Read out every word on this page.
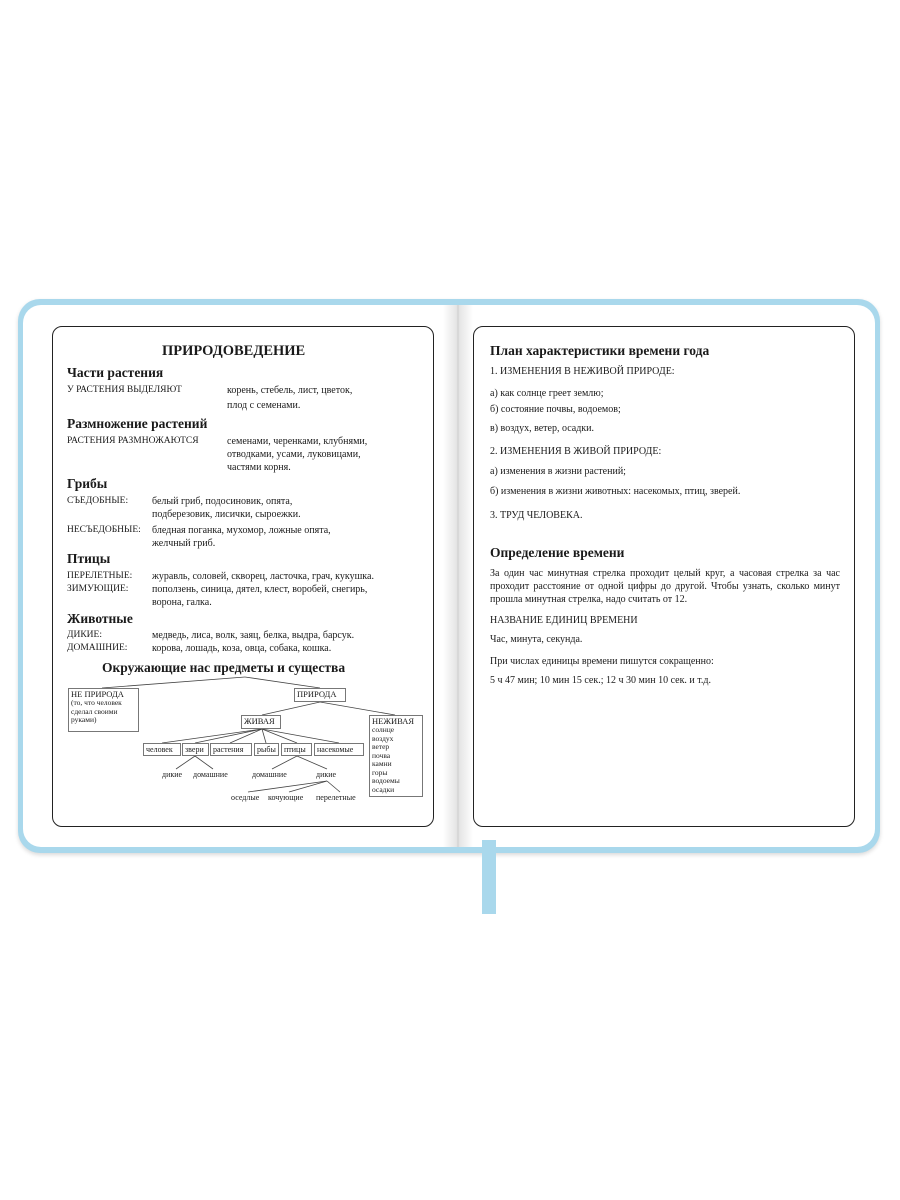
ПРИРОДОВЕДЕНИЕ
Части растения
У РАСТЕНИЯ ВЫДЕЛЯЮТ	корень, стебель, лист, цветок,
плод с семенами.
Размножение растений
РАСТЕНИЯ РАЗМНОЖАЮТСЯ	семенами, черенками, клубнями,
отводками, усами, луковицами,
частями корня.
Грибы
СЪЕДОБНЫЕ: белый гриб, подосиновик, опята,
подберезовик, лисички, сыроежки.
НЕСЪЕДОБНЫЕ: бледная поганка, мухомор, ложные опята,
желчный гриб.
Птицы
ПЕРЕЛЕТНЫЕ: журавль, соловей, скворец, ласточка, грач, кукушка.
ЗИМУЮЩИЕ: поползень, синица, дятел, клест, воробей, снегирь,
ворона, галка.
Животные
ДИКИЕ:	медведь, лиса, волк, заяц, белка, выдра, барсук.
ДОМАШНИЕ: корова, лошадь, коза, овца, собака, кошка.
Окружающие нас предметы и существа
НЕ ПРИРОДА
(то, что человек
сделал своими
руками)
ПРИРОДА
ЖИВАЯ	НЕЖИВАЯ
солнце
воздух
ветер
почва
камни
горы
водоемы
осадки
человек	звери	растения	рыбы	птицы	насекомые
дикие домашние	домашние	дикие
оседлые кочующие перелетные
План характеристики времени года
1. ИЗМЕНЕНИЯ В НЕЖИВОЙ ПРИРОДЕ:
а) как солнце греет землю;
б) состояние почвы, водоемов;
в) воздух, ветер, осадки.
2. ИЗМЕНЕНИЯ В ЖИВОЙ ПРИРОДЕ:
а) изменения в жизни растений;
б) изменения в жизни животных: насекомых, птиц, зверей.
3. ТРУД ЧЕЛОВЕКА.
Определение времени
За один час минутная стрелка проходит целый круг, а часовая стрелка за час проходит расстояние от одной цифры до другой. Чтобы узнать, сколько минут прошла минутная стрелка, надо считать от 12.
НАЗВАНИЕ ЕДИНИЦ ВРЕМЕНИ
Час, минута, секунда.
При числах единицы времени пишутся сокращенно:
5 ч 47 мин; 10 мин 15 сек.; 12 ч 30 мин 10 сек. и т.д.
